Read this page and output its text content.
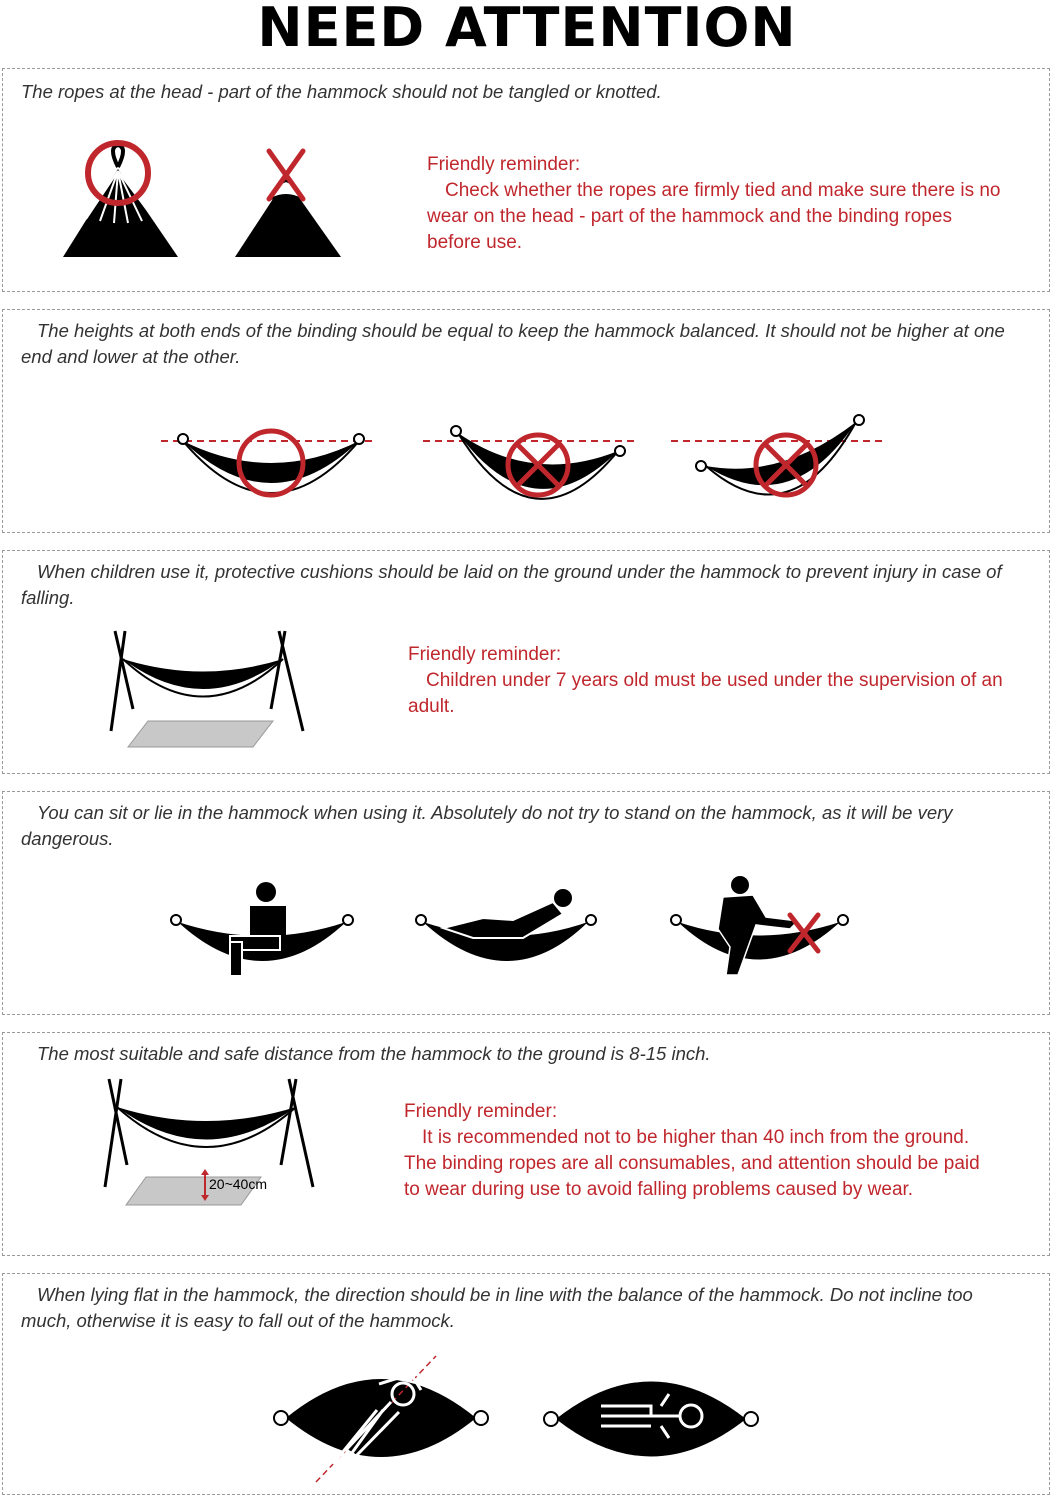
NEED ATTENTION

The ropes at the head - part of the hammock should not be tangled or knotted.

Friendly reminder:
Check whether the ropes are firmly tied and make sure there is no wear on the head - part of the hammock and the binding ropes before use.

The heights at both ends of the binding should be equal to keep the hammock balanced. It should not be higher at one end and lower at the other.

When children use it, protective cushions should be laid on the ground under the hammock to prevent injury in case of falling.

Friendly reminder:
Children under 7 years old must be used under the supervision of an adult.

You can sit or lie in the hammock when using it. Absolutely do not try to stand on the hammock, as it will be very dangerous.

The most suitable and safe distance from the hammock to the ground is 8-15 inch.

20~40cm
Friendly reminder:
It is recommended not to be higher than 40 inch from the ground. The binding ropes are all consumables, and attention should be paid to wear during use to avoid falling problems caused by wear.

When lying flat in the hammock, the direction should be in line with the balance of the hammock. Do not incline too much, otherwise it is easy to fall out of the hammock.
